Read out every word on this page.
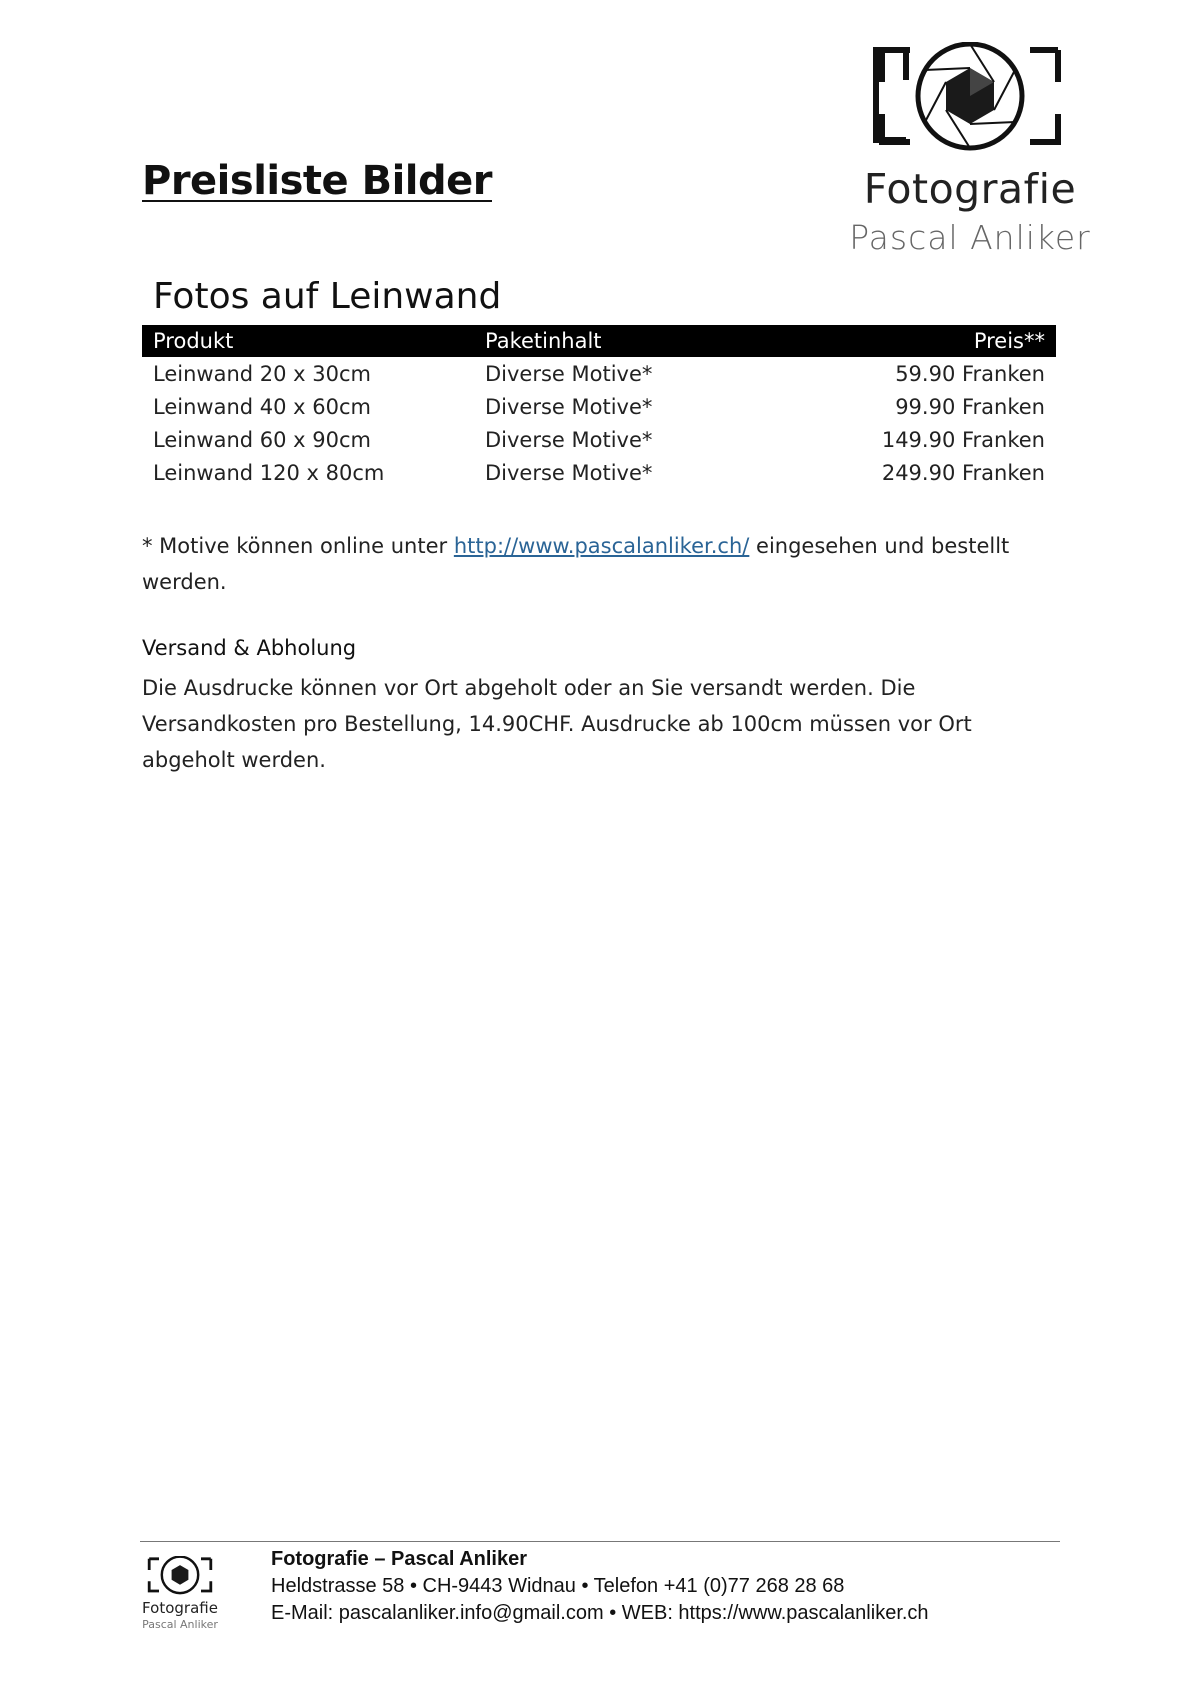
Preisliste Bilder	Fotografie
Pascal Anliker
Fotos auf Leinwand
Produkt	Paketinhalt	Preis**
Leinwand 20 x 30cm	Diverse Motive*	59.90 Franken
Leinwand 40 x 60cm	Diverse Motive*	99.90 Franken
Leinwand 60 x 90cm	Diverse Motive*	149.90 Franken
Leinwand 120 x 80cm	Diverse Motive*	249.90 Franken

* Motive können online unter http://www.pascalanliker.ch/ eingesehen und bestellt werden.

Versand & Abholung

Die Ausdrucke können vor Ort abgeholt oder an Sie versandt werden. Die Versandkosten pro Bestellung, 14.90CHF. Ausdrucke ab 100cm müssen vor Ort abgeholt werden.

Fotografie
Pascal Anliker
Fotografie – Pascal Anliker
Heldstrasse 58 • CH-9443 Widnau • Telefon +41 (0)77 268 28 68
E-Mail: pascalanliker.info@gmail.com • WEB: https://www.pascalanliker.ch
